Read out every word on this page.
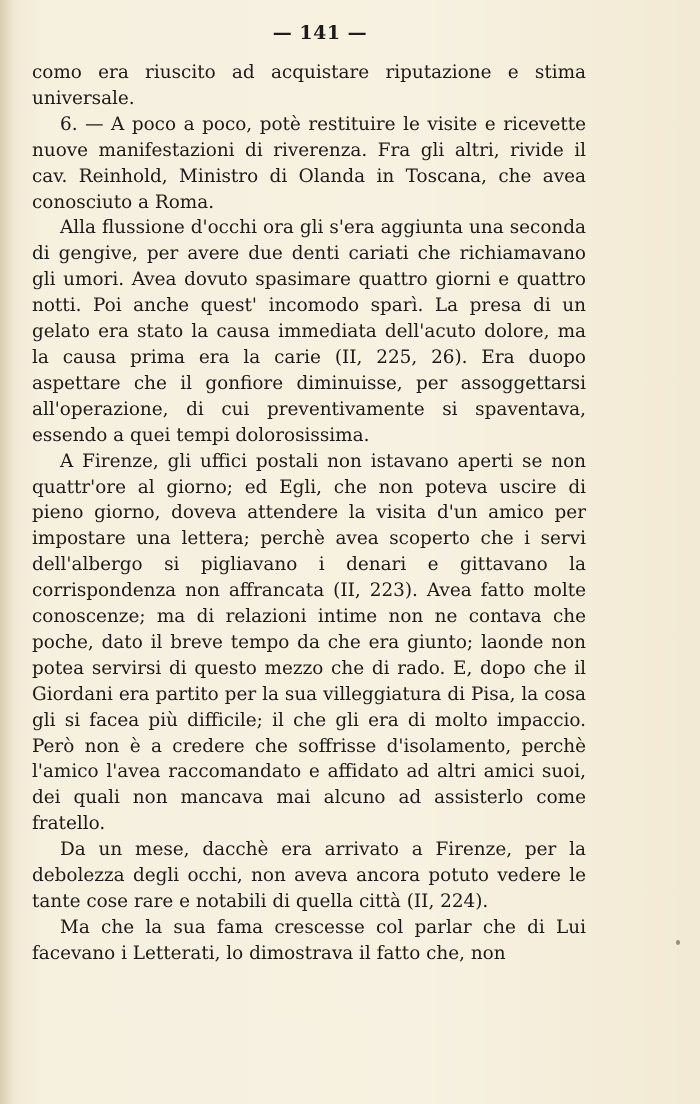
— 141 —

como era riuscito ad acquistare riputazione e stima universale.

6. — A poco a poco, potè restituire le visite e ricevette nuove manifestazioni di riverenza. Fra gli altri, rivide il cav. Reinhold, Ministro di Olanda in Toscana, che avea conosciuto a Roma.

Alla flussione d'occhi ora gli s'era aggiunta una seconda di gengive, per avere due denti cariati che richiamavano gli umori. Avea dovuto spasimare quattro giorni e quattro notti. Poi anche quest' incomodo sparì. La presa di un gelato era stato la causa immediata dell'acuto dolore, ma la causa prima era la carie (II, 225, 26). Era duopo aspettare che il gonfiore diminuisse, per assoggettarsi all'operazione, di cui preventivamente si spaventava, essendo a quei tempi dolorosissima.

A Firenze, gli uffici postali non istavano aperti se non quattr'ore al giorno; ed Egli, che non poteva uscire di pieno giorno, doveva attendere la visita d'un amico per impostare una lettera; perchè avea scoperto che i servi dell'albergo si pigliavano i denari e gittavano la corrispondenza non affrancata (II, 223). Avea fatto molte conoscenze; ma di relazioni intime non ne contava che poche, dato il breve tempo da che era giunto; laonde non potea servirsi di questo mezzo che di rado. E, dopo che il Giordani era partito per la sua villeggiatura di Pisa, la cosa gli si facea più difficile; il che gli era di molto impaccio. Però non è a credere che soffrisse d'isolamento, perchè l'amico l'avea raccomandato e affidato ad altri amici suoi, dei quali non mancava mai alcuno ad assisterlo come fratello.

Da un mese, dacchè era arrivato a Firenze, per la debolezza degli occhi, non aveva ancora potuto vedere le tante cose rare e notabili di quella città (II, 224).

Ma che la sua fama crescesse col parlar che di Lui facevano i Letterati, lo dimostrava il fatto che, non
